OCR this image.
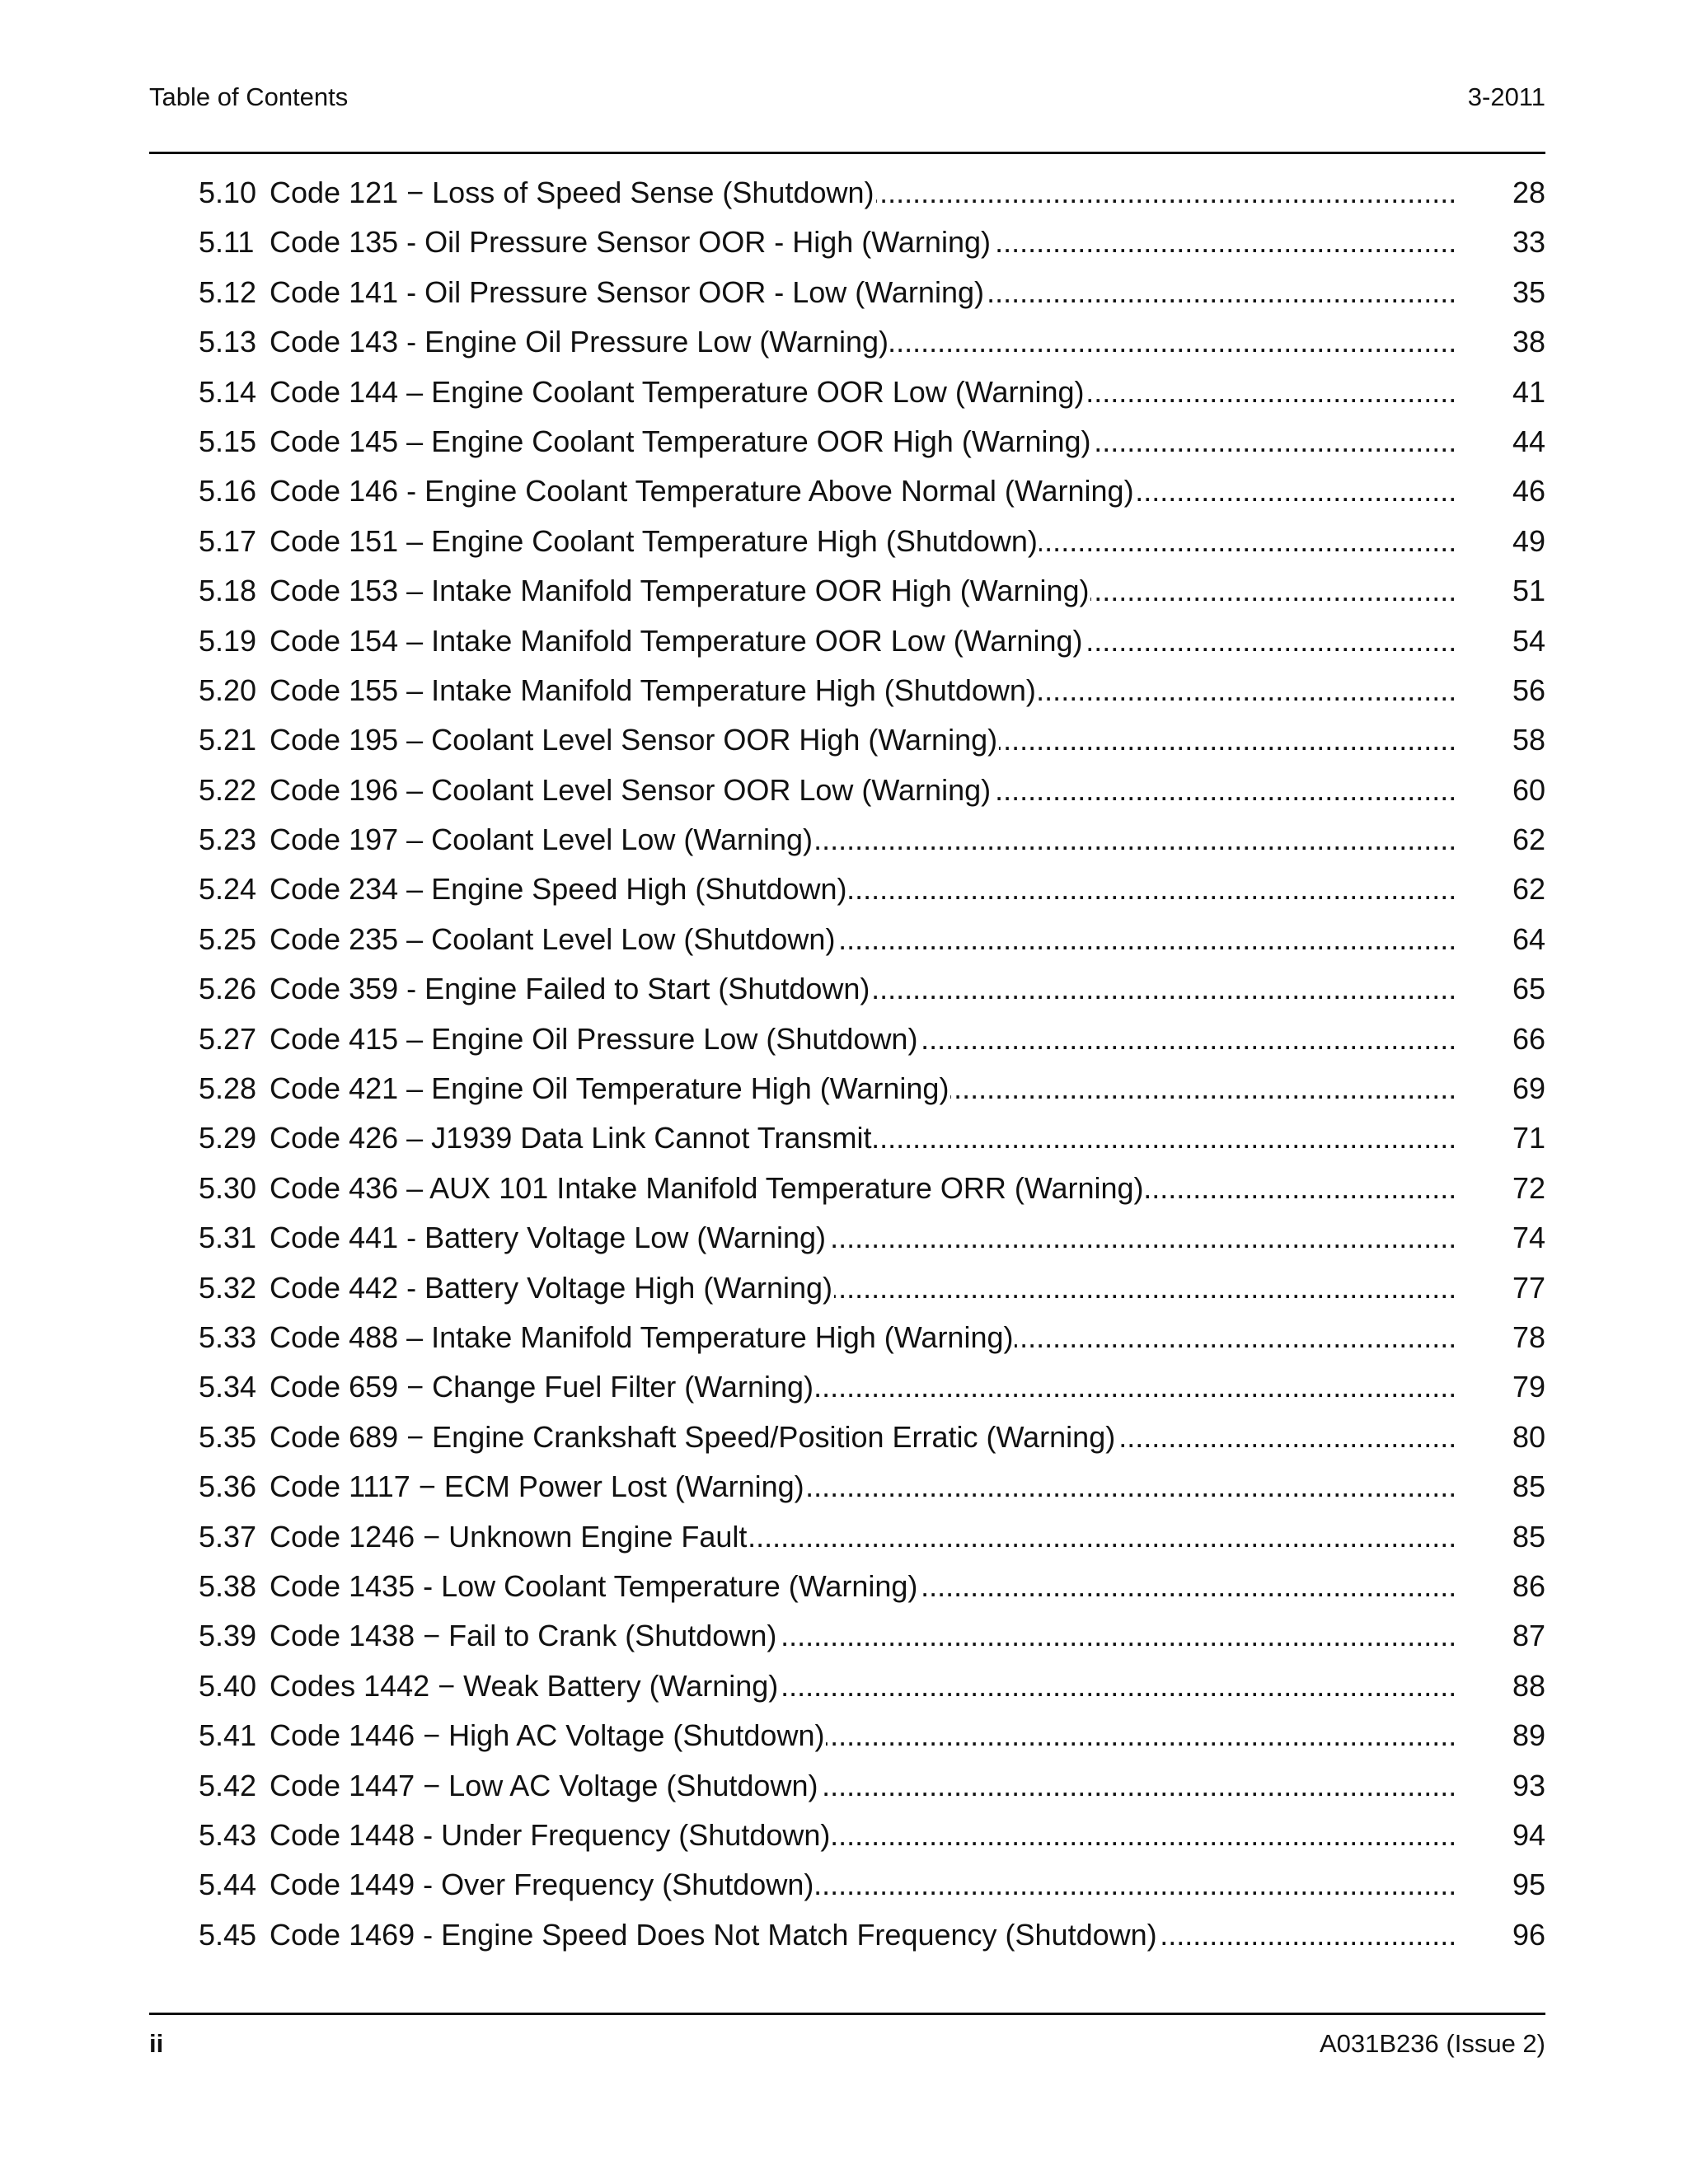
Table of Contents	3-2011
5.10 Code 121 − Loss of Speed Sense (Shutdown) .....	28
5.11 Code 135 - Oil Pressure Sensor OOR - High (Warning) .....	33
5.12 Code 141 - Oil Pressure Sensor OOR - Low (Warning) .....	35
5.13 Code 143 - Engine Oil Pressure Low (Warning) .....	38
5.14 Code 144 – Engine Coolant Temperature OOR Low (Warning) .....	41
5.15 Code 145 – Engine Coolant Temperature OOR High (Warning) .....	44
5.16 Code 146 - Engine Coolant Temperature Above Normal (Warning) .....	46
5.17 Code 151 – Engine Coolant Temperature High (Shutdown) .....	49
5.18 Code 153 – Intake Manifold Temperature OOR High (Warning) .....	51
5.19 Code 154 – Intake Manifold Temperature OOR Low (Warning) .....	54
5.20 Code 155 – Intake Manifold Temperature High (Shutdown) .....	56
5.21 Code 195 – Coolant Level Sensor OOR High (Warning) .....	58
5.22 Code 196 – Coolant Level Sensor OOR Low (Warning) .....	60
5.23 Code 197 – Coolant Level Low (Warning) .....	62
5.24 Code 234 – Engine Speed High (Shutdown) .....	62
5.25 Code 235 – Coolant Level Low (Shutdown) .....	64
5.26 Code 359 - Engine Failed to Start (Shutdown) .....	65
5.27 Code 415 – Engine Oil Pressure Low (Shutdown) .....	66
5.28 Code 421 – Engine Oil Temperature High (Warning) .....	69
5.29 Code 426 – J1939 Data Link Cannot Transmit .....	71
5.30 Code 436 – AUX 101 Intake Manifold Temperature ORR (Warning) .....	72
5.31 Code 441 - Battery Voltage Low (Warning) .....	74
5.32 Code 442 - Battery Voltage High (Warning) .....	77
5.33 Code 488 – Intake Manifold Temperature High (Warning) .....	78
5.34 Code 659 − Change Fuel Filter (Warning) .....	79
5.35 Code 689 − Engine Crankshaft Speed/Position Erratic (Warning) .....	80
5.36 Code 1117 − ECM Power Lost (Warning) .....	85
5.37 Code 1246 − Unknown Engine Fault .....	85
5.38 Code 1435 - Low Coolant Temperature (Warning) .....	86
5.39 Code 1438 − Fail to Crank (Shutdown) .....	87
5.40 Codes 1442 − Weak Battery (Warning) .....	88
5.41 Code 1446 − High AC Voltage (Shutdown) .....	89
5.42 Code 1447 − Low AC Voltage (Shutdown) .....	93
5.43 Code 1448 - Under Frequency (Shutdown) .....	94
5.44 Code 1449 - Over Frequency (Shutdown) .....	95
5.45 Code 1469 - Engine Speed Does Not Match Frequency (Shutdown) .....	96
ii	A031B236 (Issue 2)
